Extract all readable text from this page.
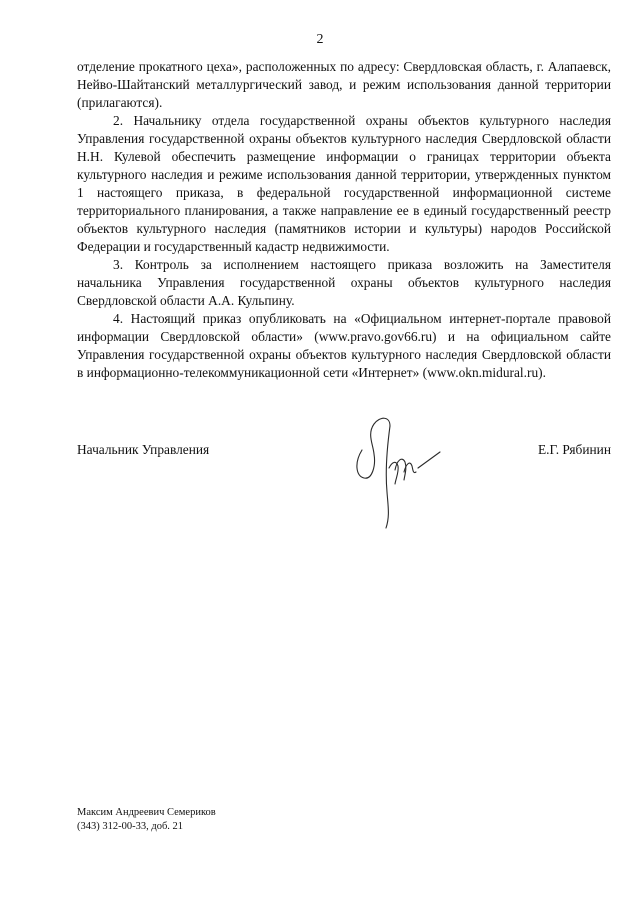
2

отделение прокатного цеха», расположенных по адресу: Свердловская область, г. Алапаевск, Нейво-Шайтанский металлургический завод, и режим использования данной территории (прилагаются).

2. Начальнику отдела государственной охраны объектов культурного наследия Управления государственной охраны объектов культурного наследия Свердловской области Н.Н. Кулевой обеспечить размещение информации о границах территории объекта культурного наследия и режиме использования данной территории, утвержденных пунктом 1 настоящего приказа, в федеральной государственной информационной системе территориального планирования, а также направление ее в единый государственный реестр объектов культурного наследия (памятников истории и культуры) народов Российской Федерации и государственный кадастр недвижимости.

3. Контроль за исполнением настоящего приказа возложить на Заместителя начальника Управления государственной охраны объектов культурного наследия Свердловской области А.А. Кульпину.

4. Настоящий приказ опубликовать на «Официальном интернет-портале правовой информации Свердловской области» (www.pravo.gov66.ru) и на официальном сайте Управления государственной охраны объектов культурного наследия Свердловской области в информационно-телекоммуникационной сети «Интернет» (www.okn.midural.ru).

Начальник Управления	Е.Г. Рябинин
Максим Андреевич Семериков
(343) 312-00-33, доб. 21
